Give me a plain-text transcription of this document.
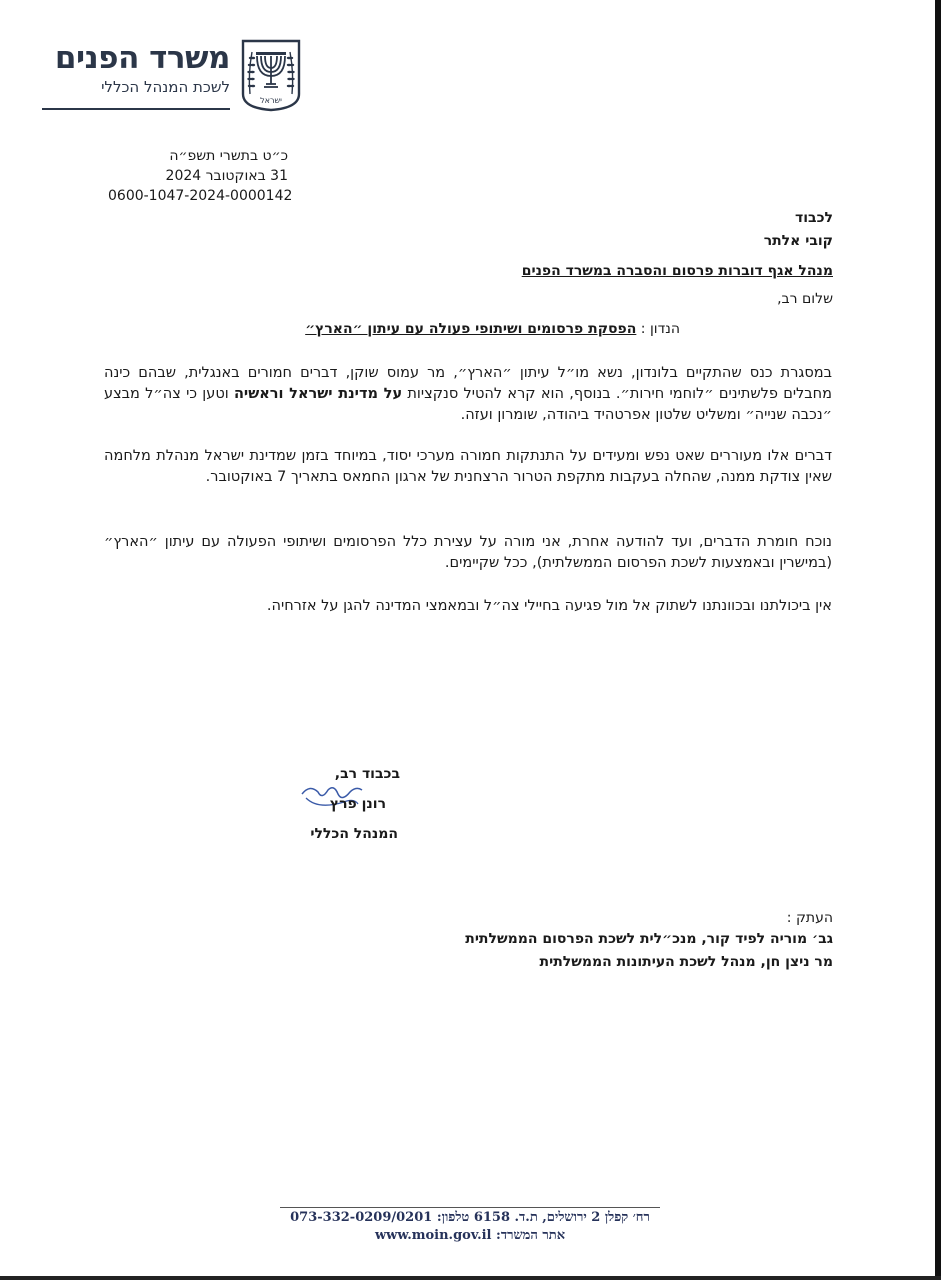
משרד הפנים
לשכת המנהל הכללי
ישראל
כ״ט בתשרי תשפ״ה
31 באוקטובר 2024
0600-1047-2024-0000142
לכבוד
קובי אלתר
מנהל אגף דוברות פרסום והסברה במשרד הפנים
שלום רב,
הנדון : הפסקת פרסומים ושיתופי פעולה עם עיתון ״הארץ״
במסגרת כנס שהתקיים בלונדון, נשא מו״ל עיתון ״הארץ״, מר עמוס שוקן, דברים חמורים באנגלית, שבהם כינה מחבלים פלשתינים ״לוחמי חירות״. בנוסף, הוא קרא להטיל סנקציות על מדינת ישראל וראשיה וטען כי צה״ל מבצע ״נכבה שנייה״ ומשליט שלטון אפרטהיד ביהודה, שומרון ועזה.
דברים אלו מעוררים שאט נפש ומעידים על התנתקות חמורה מערכי יסוד, במיוחד בזמן שמדינת ישראל מנהלת מלחמה שאין צודקת ממנה, שהחלה בעקבות מתקפת הטרור הרצחנית של ארגון החמאס בתאריך 7 באוקטובר.
נוכח חומרת הדברים, ועד להודעה אחרת, אני מורה על עצירת כלל הפרסומים ושיתופי הפעולה עם עיתון ״הארץ״ (במישרין ובאמצעות לשכת הפרסום הממשלתית), ככל שקיימים.
אין ביכולתנו ובכוונתנו לשתוק אל מול פגיעה בחיילי צה״ל ובמאמצי המדינה להגן על אזרחיה.
בכבוד רב,
רונן פרץ
המנהל הכללי
העתק :
גב׳ מוריה לפיד קור, מנכ״לית לשכת הפרסום הממשלתית
מר ניצן חן, מנהל לשכת העיתונות הממשלתית
רח׳ קפלן 2 ירושלים, ת.ד. 6158 טלפון: 073-332-0209/0201
אתר המשרד: www.moin.gov.il
